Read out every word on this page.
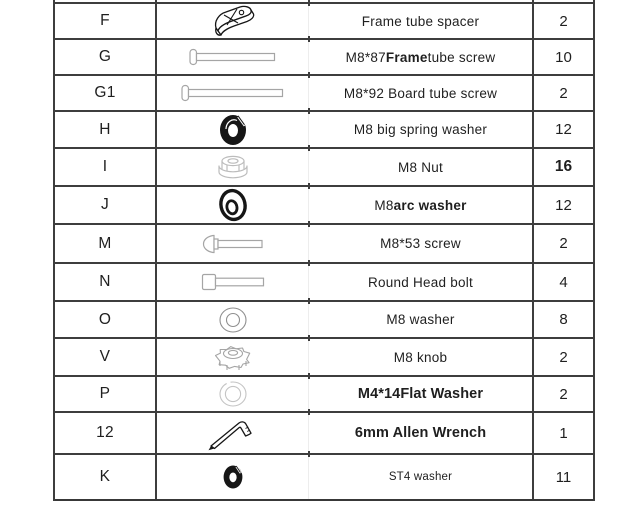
F	Frame tube spacer	2
G	M8*87 Frame tube screw	10
G1	M8*92 Board tube screw	2
H	M8 big spring washer	12
I	M8 Nut	16
J	M8 arc washer	12
M	M8*53 screw	2
N	Round Head bolt	4
O	M8 washer	8
V	M8 knob	2
P	M4*14 Flat Washer	2
12	6mm Allen Wrench	1
K	ST4 washer	11
